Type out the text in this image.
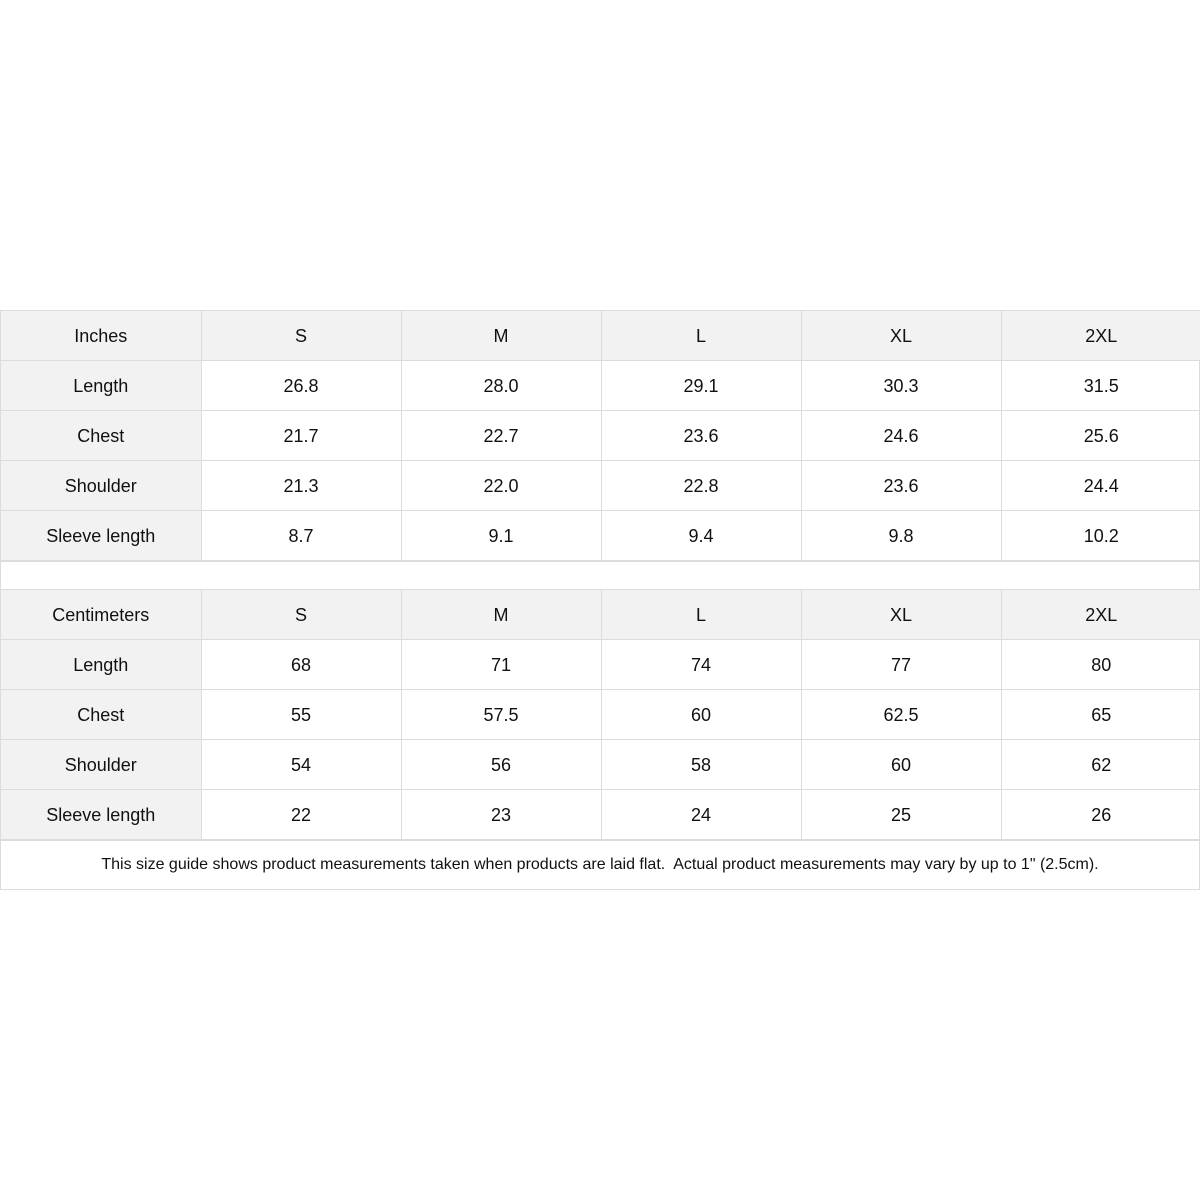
Inches	S	M	L	XL	2XL
Length	26.8	28.0	29.1	30.3	31.5
Chest	21.7	22.7	23.6	24.6	25.6
Shoulder	21.3	22.0	22.8	23.6	24.4
Sleeve length	8.7	9.1	9.4	9.8	10.2
Centimeters	S	M	L	XL	2XL
Length	68	71	74	77	80
Chest	55	57.5	60	62.5	65
Shoulder	54	56	58	60	62
Sleeve length	22	23	24	25	26
This size guide shows product measurements taken when products are laid flat.  Actual product measurements may vary by up to 1" (2.5cm).
